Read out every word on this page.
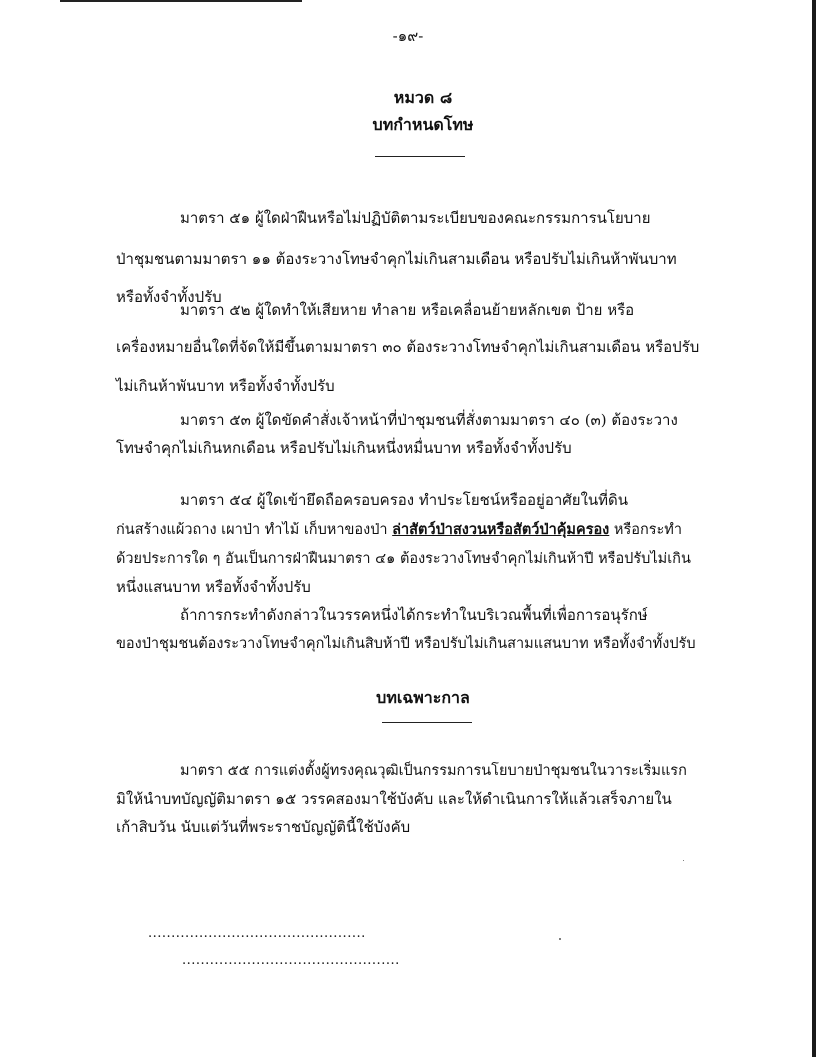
-๑๙-
หมวด ๘
บทกำหนดโทษ
มาตรา ๕๑ ผู้ใดฝ่าฝืนหรือไม่ปฏิบัติตามระเบียบของคณะกรรมการนโยบาย
ป่าชุมชนตามมาตรา ๑๑ ต้องระวางโทษจำคุกไม่เกินสามเดือน หรือปรับไม่เกินห้าพันบาท
หรือทั้งจำทั้งปรับ
มาตรา ๕๒ ผู้ใดทำให้เสียหาย ทำลาย หรือเคลื่อนย้ายหลักเขต ป้าย หรือ
เครื่องหมายอื่นใดที่จัดให้มีขึ้นตามมาตรา ๓๐ ต้องระวางโทษจำคุกไม่เกินสามเดือน หรือปรับ
ไม่เกินห้าพันบาท หรือทั้งจำทั้งปรับ
มาตรา ๕๓ ผู้ใดขัดคำสั่งเจ้าหน้าที่ป่าชุมชนที่สั่งตามมาตรา ๔๐ (๓) ต้องระวาง
โทษจำคุกไม่เกินหกเดือน หรือปรับไม่เกินหนึ่งหมื่นบาท หรือทั้งจำทั้งปรับ
มาตรา ๕๔ ผู้ใดเข้ายึดถือครอบครอง ทำประโยชน์หรืออยู่อาศัยในที่ดิน
ก่นสร้างแผ้วถาง เผาป่า ทำไม้ เก็บหาของป่า ล่าสัตว์ป่าสงวนหรือสัตว์ป่าคุ้มครอง หรือกระทำ
ด้วยประการใด ๆ อันเป็นการฝ่าฝืนมาตรา ๔๑ ต้องระวางโทษจำคุกไม่เกินห้าปี หรือปรับไม่เกิน
หนึ่งแสนบาท หรือทั้งจำทั้งปรับ
ถ้าการกระทำดังกล่าวในวรรคหนึ่งได้กระทำในบริเวณพื้นที่เพื่อการอนุรักษ์
ของป่าชุมชนต้องระวางโทษจำคุกไม่เกินสิบห้าปี หรือปรับไม่เกินสามแสนบาท หรือทั้งจำทั้งปรับ
บทเฉพาะกาล
มาตรา ๕๕ การแต่งตั้งผู้ทรงคุณวุฒิเป็นกรรมการนโยบายป่าชุมชนในวาระเริ่มแรก
มิให้นำบทบัญญัติมาตรา ๑๕ วรรคสองมาใช้บังคับ และให้ดำเนินการให้แล้วเสร็จภายใน
เก้าสิบวัน นับแต่วันที่พระราชบัญญัตินี้ใช้บังคับ
...............................................
...............................................
